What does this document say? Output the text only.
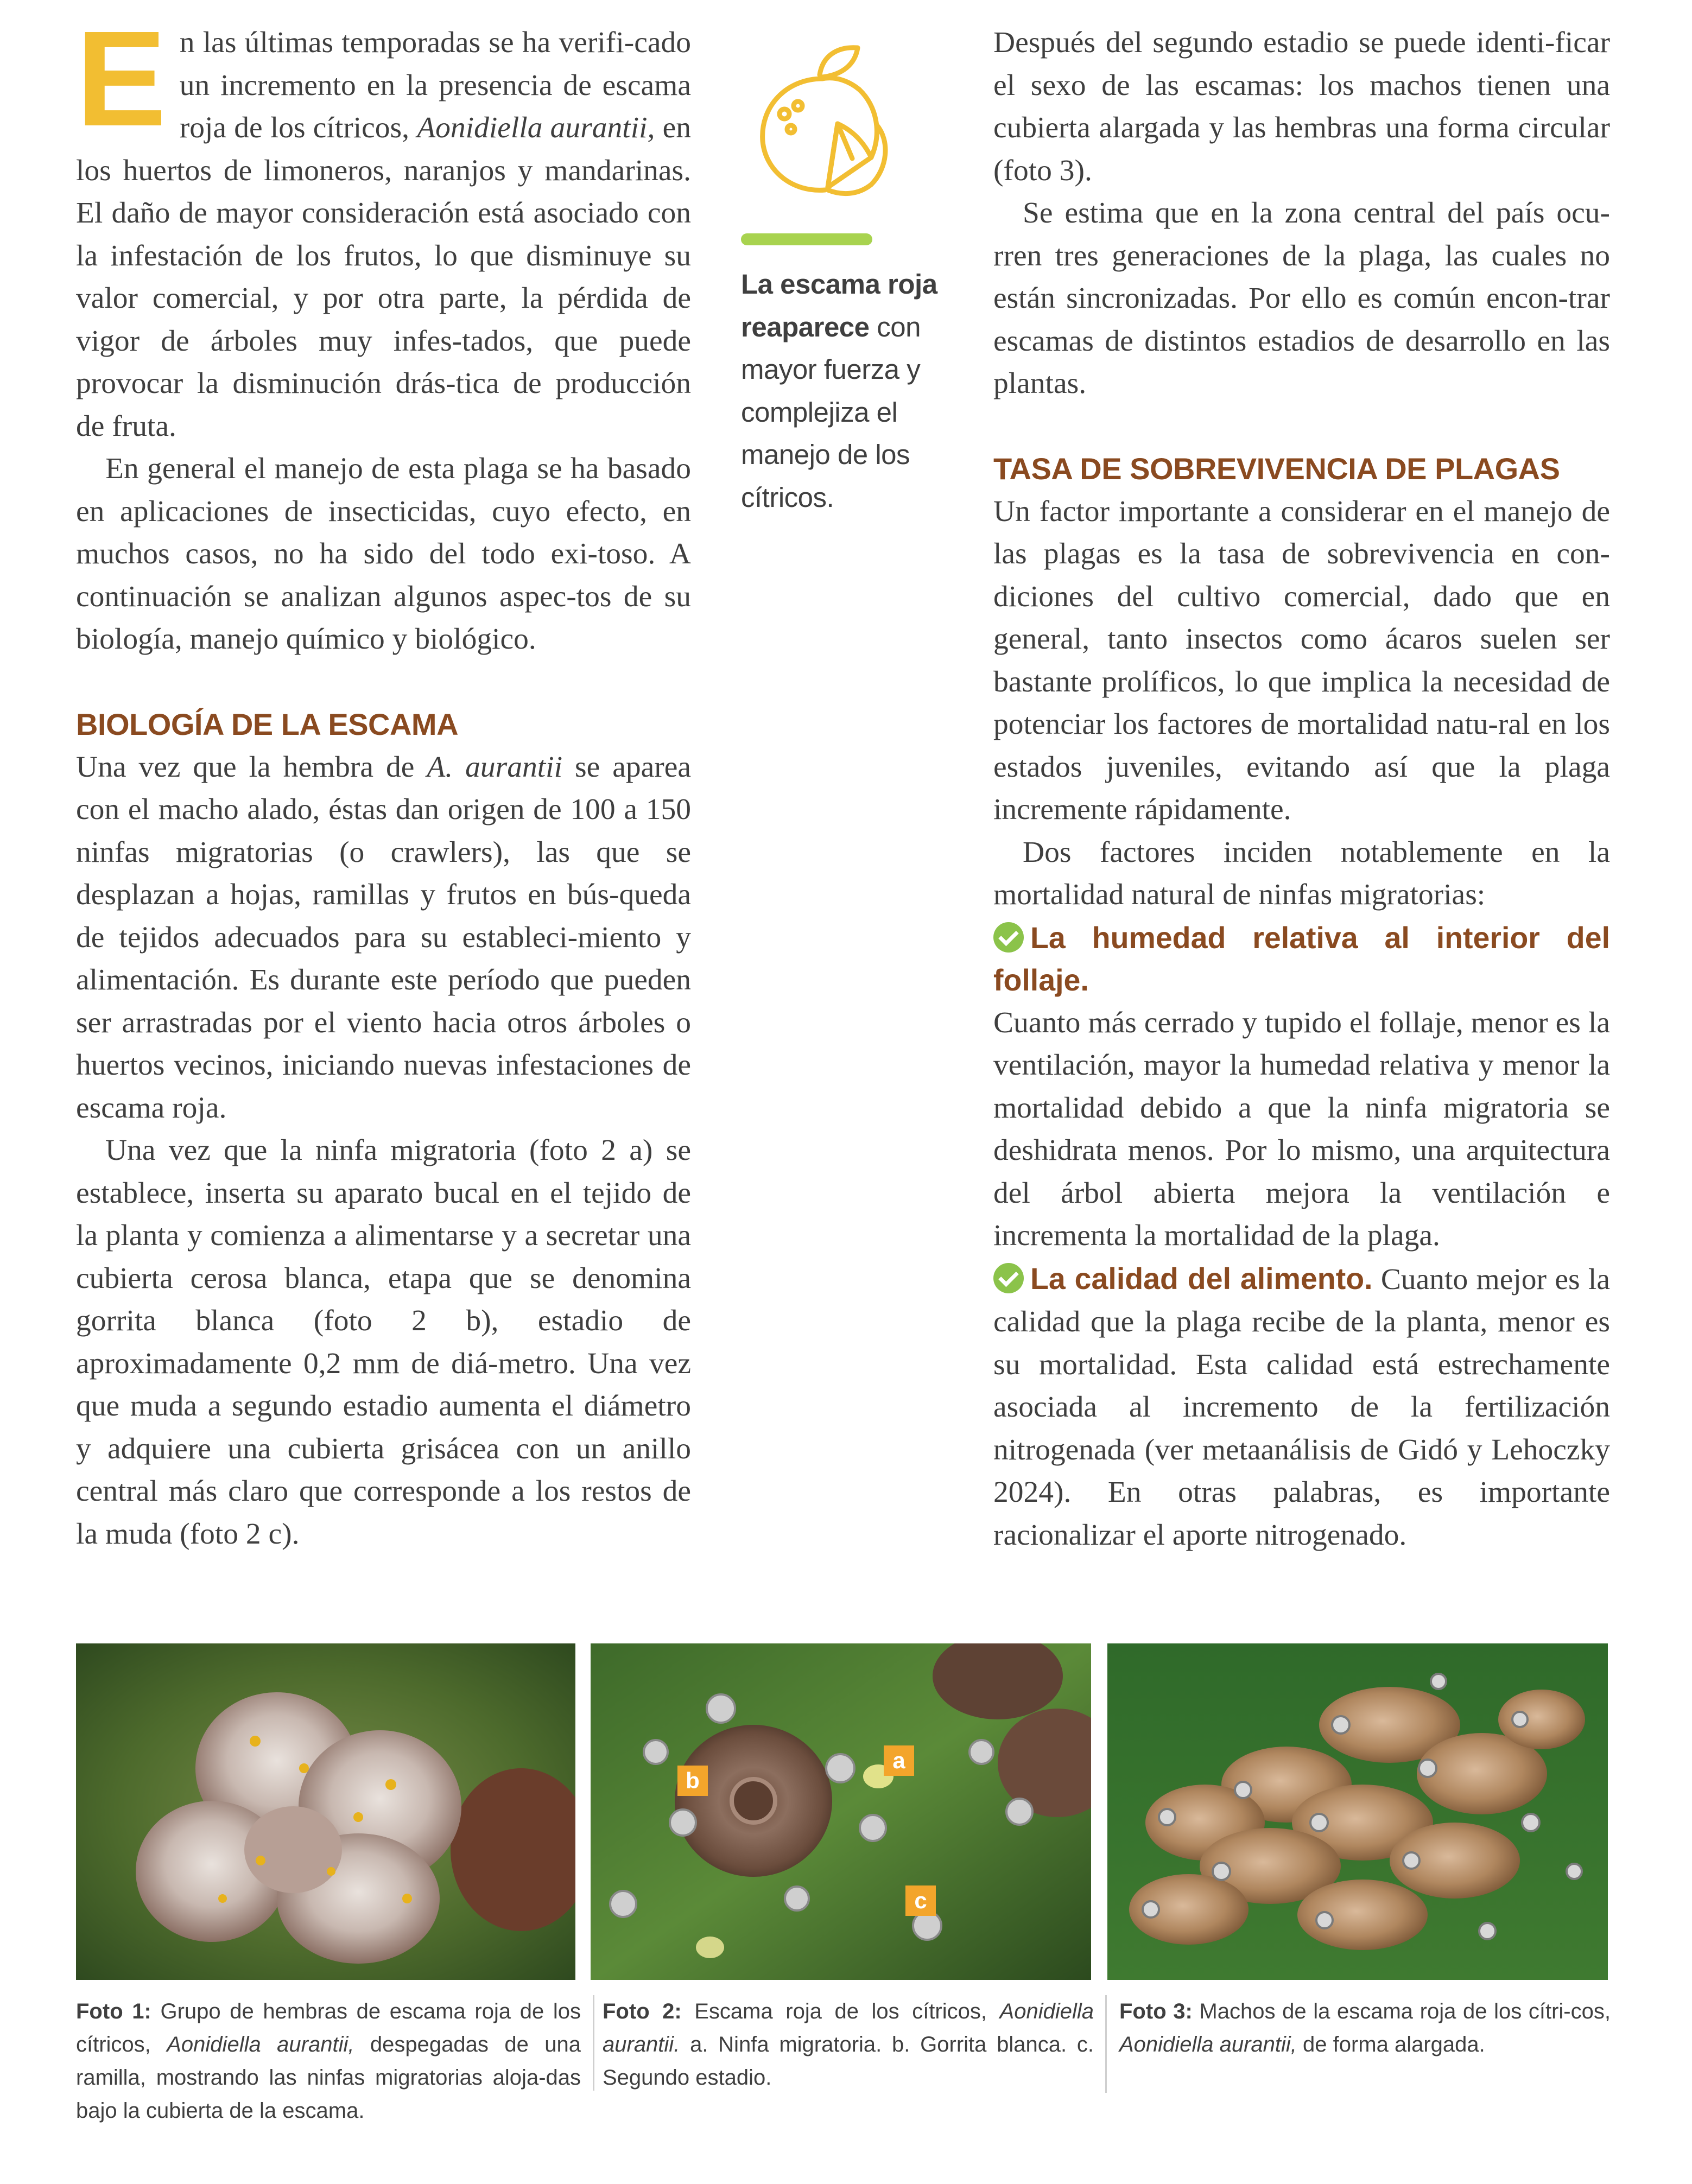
En las últimas temporadas se ha verifi-cado un incremento en la presencia de escama roja de los cítricos, Aonidiella aurantii, en los huertos de limoneros, naranjos y mandarinas. El daño de mayor consideración está asociado con la infestación de los frutos, lo que disminuye su valor comercial, y por otra parte, la pérdida de vigor de árboles muy infes-tados, que puede provocar la disminución drás-tica de producción de fruta.

En general el manejo de esta plaga se ha basado en aplicaciones de insecticidas, cuyo efecto, en muchos casos, no ha sido del todo exi-toso. A continuación se analizan algunos aspec-tos de su biología, manejo químico y biológico.

BIOLOGÍA DE LA ESCAMA

Una vez que la hembra de A. aurantii se aparea con el macho alado, éstas dan origen de 100 a 150 ninfas migratorias (o crawlers), las que se desplazan a hojas, ramillas y frutos en bús-queda de tejidos adecuados para su estableci-miento y alimentación. Es durante este período que pueden ser arrastradas por el viento hacia otros árboles o huertos vecinos, iniciando nuevas infestaciones de escama roja.

Una vez que la ninfa migratoria (foto 2 a) se establece, inserta su aparato bucal en el tejido de la planta y comienza a alimentarse y a secretar una cubierta cerosa blanca, etapa que se denomina gorrita blanca (foto 2 b), estadio de aproximadamente 0,2 mm de diá-metro. Una vez que muda a segundo estadio aumenta el diámetro y adquiere una cubierta grisácea con un anillo central más claro que corresponde a los restos de la muda (foto 2 c).

La escama roja reaparece con mayor fuerza y complejiza el manejo de los cítricos.

Después del segundo estadio se puede identi-ficar el sexo de las escamas: los machos tienen una cubierta alargada y las hembras una forma circular (foto 3).

Se estima que en la zona central del país ocu-rren tres generaciones de la plaga, las cuales no están sincronizadas. Por ello es común encon-trar escamas de distintos estadios de desarrollo en las plantas.

TASA DE SOBREVIVENCIA DE PLAGAS

Un factor importante a considerar en el manejo de las plagas es la tasa de sobrevivencia en con-diciones del cultivo comercial, dado que en general, tanto insectos como ácaros suelen ser bastante prolíficos, lo que implica la necesidad de potenciar los factores de mortalidad natu-ral en los estados juveniles, evitando así que la plaga incremente rápidamente.

Dos factores inciden notablemente en la mortalidad natural de ninfas migratorias:

La humedad relativa al interior del follaje.

Cuanto más cerrado y tupido el follaje, menor es la ventilación, mayor la humedad relativa y menor la mortalidad debido a que la ninfa migratoria se deshidrata menos. Por lo mismo, una arquitectura del árbol abierta mejora la ventilación e incrementa la mortalidad de la plaga.

La calidad del alimento. Cuanto mejor es la calidad que la plaga recibe de la planta, menor es su mortalidad. Esta calidad está estrechamente asociada al incremento de la fertilización nitrogenada (ver metaanálisis de Gidó y Lehoczky 2024). En otras palabras, es importante racionalizar el aporte nitrogenado.

a
b
c
Foto 1: Grupo de hembras de escama roja de los cítricos, Aonidiella aurantii, despegadas de una ramilla, mostrando las ninfas migratorias aloja-das bajo la cubierta de la escama.
Foto 2: Escama roja de los cítricos, Aonidiella aurantii. a. Ninfa migratoria. b. Gorrita blanca. c. Segundo estadio.
Foto 3: Machos de la escama roja de los cítri-cos, Aonidiella aurantii, de forma alargada.
